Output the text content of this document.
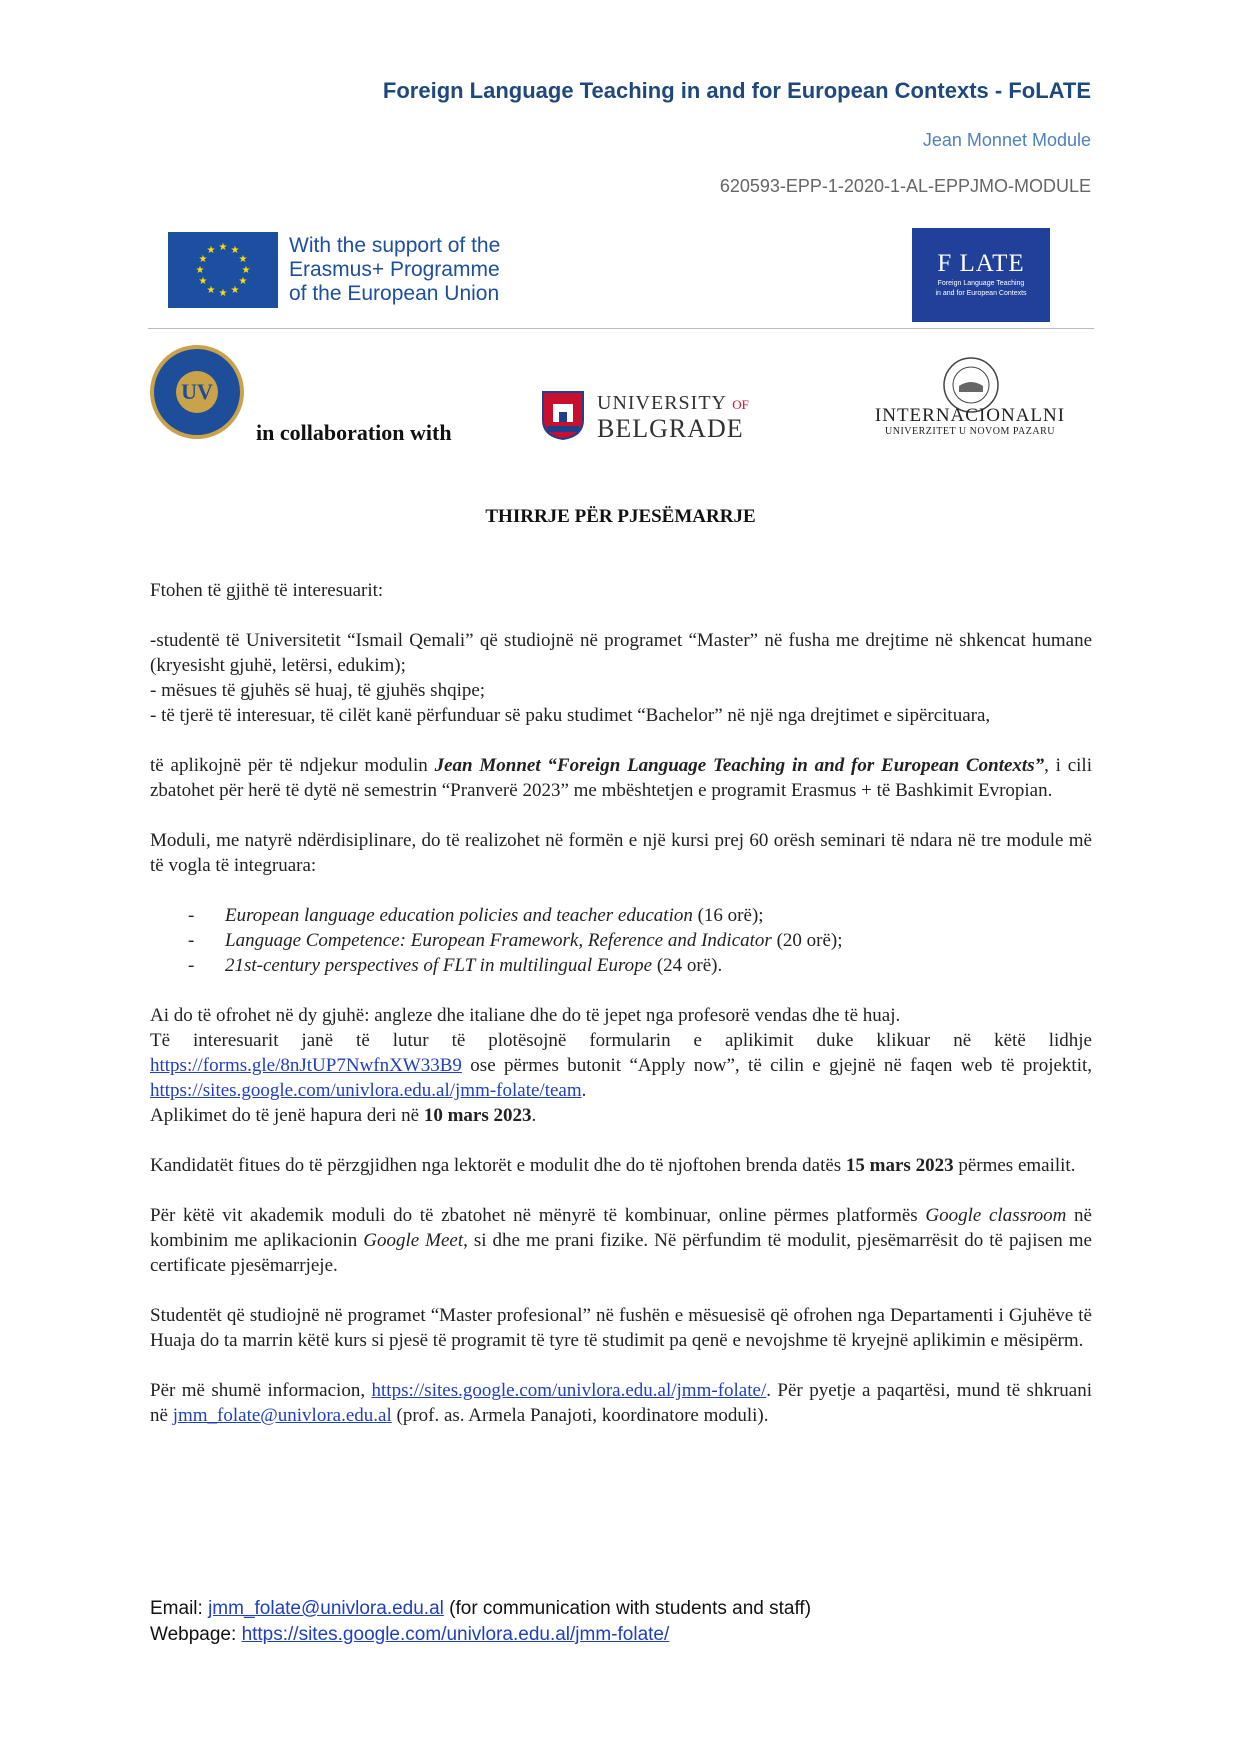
Foreign Language Teaching in and for European Contexts - FoLATE
Jean Monnet Module
620593-EPP-1-2020-1-AL-EPPJMO-MODULE
★ ★
★
★
★
★
★
★
★
★
★
★	With the support of the
Erasmus+ Programme
of the European Union
F LATE
Foreign Language Teaching
in and for European Contexts
UV
in collaboration with
UNIVERSITY OF
BELGRADE	INTERNACIONALNI
UNIVERZITET U NOVOM PAZARU
THIRRJE PËR PJESËMARRJE

Ftohen të gjithë të interesuarit:

-studentë të Universitetit “Ismail Qemali” që studiojnë në programet “Master” në fusha me drejtime në shkencat humane (kryesisht gjuhë, letërsi, edukim);

- mësues të gjuhës së huaj, të gjuhës shqipe;

- të tjerë të interesuar, të cilët kanë përfunduar së paku studimet “Bachelor” në një nga drejtimet e sipërcituara,

të aplikojnë për të ndjekur modulin Jean Monnet “Foreign Language Teaching in and for European Contexts”, i cili zbatohet për herë të dytë në semestrin “Pranverë 2023” me mbështetjen e programit Erasmus + të Bashkimit Evropian.

Moduli, me natyrë ndërdisiplinare, do të realizohet në formën e një kursi prej 60 orësh seminari të ndara në tre module më të vogla të integruara:

- European language education policies and teacher education (16 orë);
- Language Competence: European Framework, Reference and Indicator (20 orë);
- 21st-century perspectives of FLT in multilingual Europe (24 orë).

Ai do të ofrohet në dy gjuhë: angleze dhe italiane dhe do të jepet nga profesorë vendas dhe të huaj.

Të interesuarit janë të lutur të plotësojnë formularin e aplikimit duke klikuar në këtë lidhje https://forms.gle/8nJtUP7NwfnXW33B9 ose përmes butonit “Apply now”, të cilin e gjejnë në faqen web të projektit, https://sites.google.com/univlora.edu.al/jmm-folate/team.

Aplikimet do të jenë hapura deri në 10 mars 2023.

Kandidatët fitues do të përzgjidhen nga lektorët e modulit dhe do të njoftohen brenda datës 15 mars 2023 përmes emailit.

Për këtë vit akademik moduli do të zbatohet në mënyrë të kombinuar, online përmes platformës Google classroom në kombinim me aplikacionin Google Meet, si dhe me prani fizike. Në përfundim të modulit, pjesëmarrësit do të pajisen me certificate pjesëmarrjeje.

Studentët që studiojnë në programet “Master profesional” në fushën e mësuesisë që ofrohen nga Departamenti i Gjuhëve të Huaja do ta marrin këtë kurs si pjesë të programit të tyre të studimit pa qenë e nevojshme të kryejnë aplikimin e mësipërm.

Për më shumë informacion, https://sites.google.com/univlora.edu.al/jmm-folate/. Për pyetje a paqartësi, mund të shkruani në jmm_folate@univlora.edu.al (prof. as. Armela Panajoti, koordinatore moduli).

Email: jmm_folate@univlora.edu.al (for communication with students and staff)
Webpage: https://sites.google.com/univlora.edu.al/jmm-folate/
